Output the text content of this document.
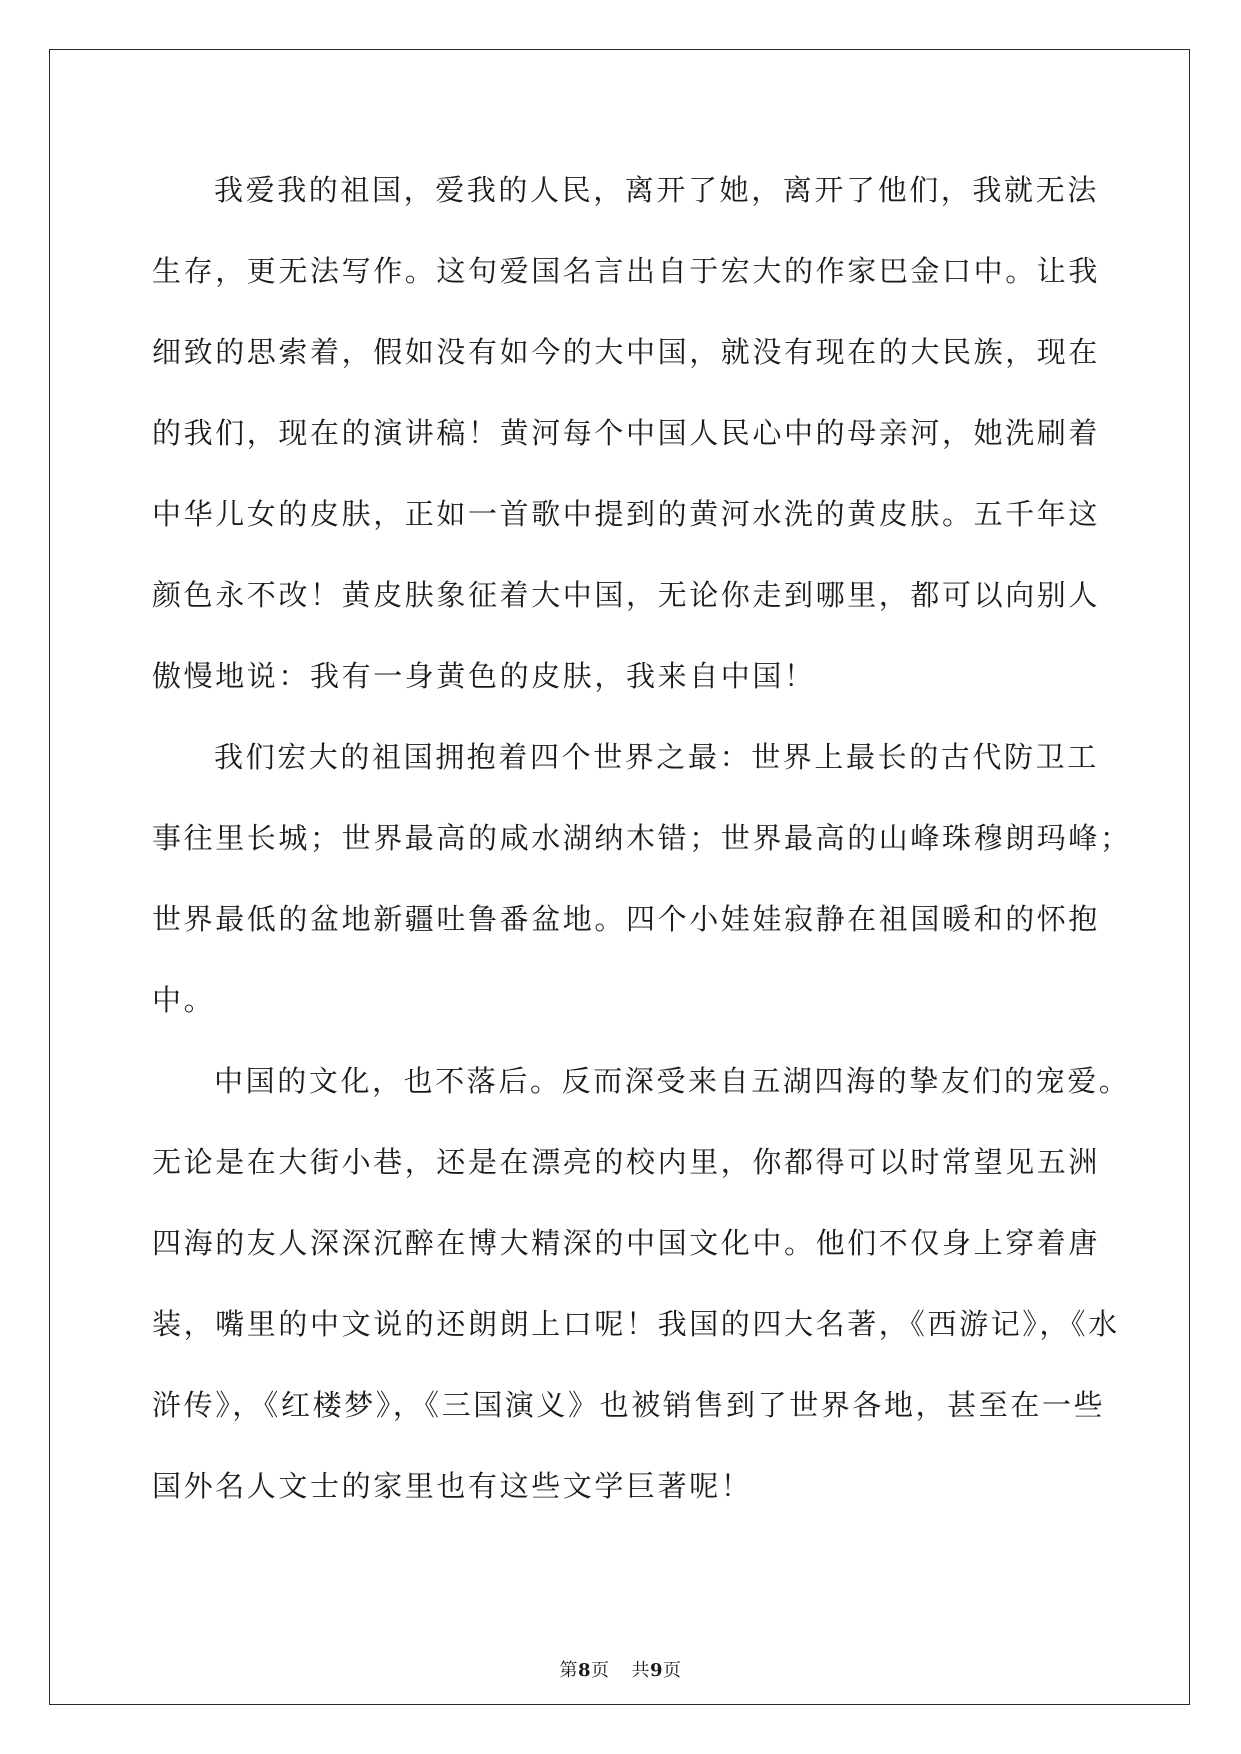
我爱我的祖国，爱我的人民，离开了她，离开了他们，我就无法
生存，更无法写作。这句爱国名言出自于宏大的作家巴金口中。让我
细致的思索着，假如没有如今的大中国，就没有现在的大民族，现在
的我们，现在的演讲稿！黄河每个中国人民心中的母亲河，她洗刷着
中华儿女的皮肤，正如一首歌中提到的黄河水洗的黄皮肤。五千年这
颜色永不改！黄皮肤象征着大中国，无论你走到哪里，都可以向别人
傲慢地说：我有一身黄色的皮肤，我来自中国！

我们宏大的祖国拥抱着四个世界之最：世界上最长的古代防卫工
事往里长城；世界最高的咸水湖纳木错；世界最高的山峰珠穆朗玛峰；
世界最低的盆地新疆吐鲁番盆地。四个小娃娃寂静在祖国暖和的怀抱
中。

中国的文化，也不落后。反而深受来自五湖四海的挚友们的宠爱。
无论是在大街小巷，还是在漂亮的校内里，你都得可以时常望见五洲
四海的友人深深沉醉在博大精深的中国文化中。他们不仅身上穿着唐
装，嘴里的中文说的还朗朗上口呢！我国的四大名著，《西游记》，《水
浒传》，《红楼梦》，《三国演义》也被销售到了世界各地，甚至在一些
国外名人文士的家里也有这些文学巨著呢！

第8页 共9页
